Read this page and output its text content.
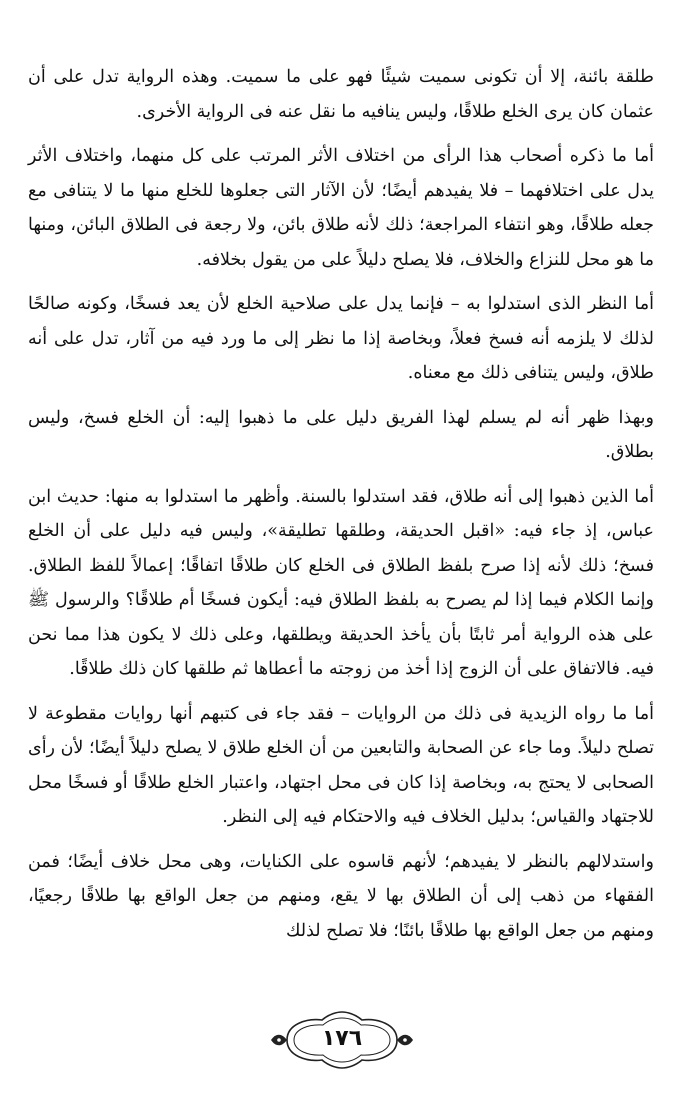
طلقة بائنة، إلا أن تكونى سميت شيئًا فهو على ما سميت. وهذه الرواية تدل على أن عثمان كان يرى الخلع طلاقًا، وليس ينافيه ما نقل عنه فى الرواية الأخرى.

أما ما ذكره أصحاب هذا الرأى من اختلاف الأثر المرتب على كل منهما، واختلاف الأثر يدل على اختلافهما – فلا يفيدهم أيضًا؛ لأن الآثار التى جعلوها للخلع منها ما لا يتنافى مع جعله طلاقًا، وهو انتفاء المراجعة؛ ذلك لأنه طلاق بائن، ولا رجعة فى الطلاق البائن، ومنها ما هو محل للنزاع والخلاف، فلا يصلح دليلاً على من يقول بخلافه.

أما النظر الذى استدلوا به – فإنما يدل على صلاحية الخلع لأن يعد فسخًا، وكونه صالحًا لذلك لا يلزمه أنه فسخ فعلاً، وبخاصة إذا ما نظر إلى ما ورد فيه من آثار، تدل على أنه طلاق، وليس يتنافى ذلك مع معناه.

وبهذا ظهر أنه لم يسلم لهذا الفريق دليل على ما ذهبوا إليه: أن الخلع فسخ، وليس بطلاق.

أما الذين ذهبوا إلى أنه طلاق، فقد استدلوا بالسنة. وأظهر ما استدلوا به منها: حديث ابن عباس، إذ جاء فيه: «اقبل الحديقة، وطلقها تطليقة»، وليس فيه دليل على أن الخلع فسخ؛ ذلك لأنه إذا صرح بلفظ الطلاق فى الخلع كان طلاقًا اتفاقًا؛ إعمالاً للفظ الطلاق. وإنما الكلام فيما إذا لم يصرح به بلفظ الطلاق فيه: أيكون فسخًا أم طلاقًا؟ والرسول ﷺ على هذه الرواية أمر ثابتًا بأن يأخذ الحديقة ويطلقها، وعلى ذلك لا يكون هذا مما نحن فيه. فالاتفاق على أن الزوج إذا أخذ من زوجته ما أعطاها ثم طلقها كان ذلك طلاقًا.

أما ما رواه الزيدية فى ذلك من الروايات – فقد جاء فى كتبهم أنها روايات مقطوعة لا تصلح دليلاً. وما جاء عن الصحابة والتابعين من أن الخلع طلاق لا يصلح دليلاً أيضًا؛ لأن رأى الصحابى لا يحتج به، وبخاصة إذا كان فى محل اجتهاد، واعتبار الخلع طلاقًا أو فسخًا محل للاجتهاد والقياس؛ بدليل الخلاف فيه والاحتكام فيه إلى النظر.

واستدلالهم بالنظر لا يفيدهم؛ لأنهم قاسوه على الكنايات، وهى محل خلاف أيضًا؛ فمن الفقهاء من ذهب إلى أن الطلاق بها لا يقع، ومنهم من جعل الواقع بها طلاقًا رجعيًا، ومنهم من جعل الواقع بها طلاقًا بائنًا؛ فلا تصلح لذلك

١٧٦
